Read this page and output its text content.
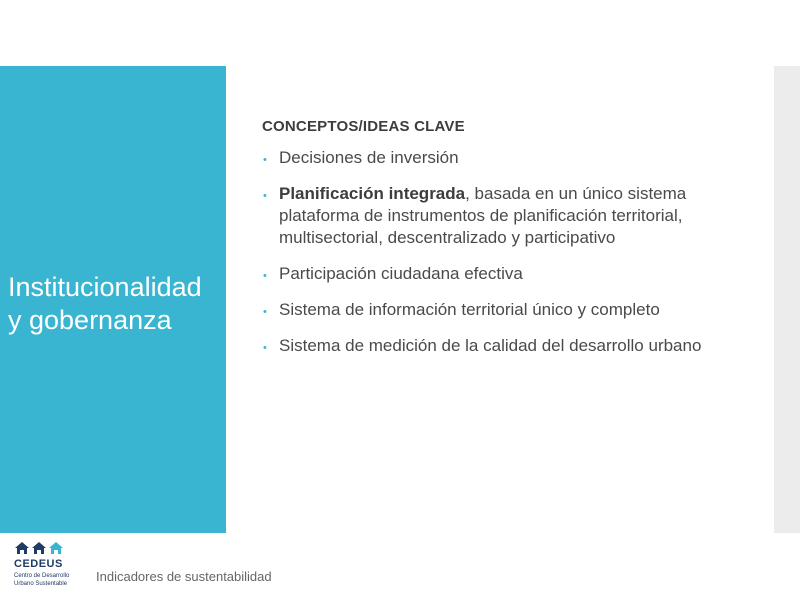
Institucionalidad
y gobernanza
CONCEPTOS/IDEAS CLAVE
• Decisiones de inversión
• Planificación integrada, basada en un único sistema plataforma de instrumentos de planificación territorial, multisectorial, descentralizado y participativo
• Participación ciudadana efectiva
• Sistema de información territorial único y completo
• Sistema de medición de la calidad del desarrollo urbano
CEDEUS
Centro de Desarrollo
Urbano Sustentable Indicadores de sustentabilidad
